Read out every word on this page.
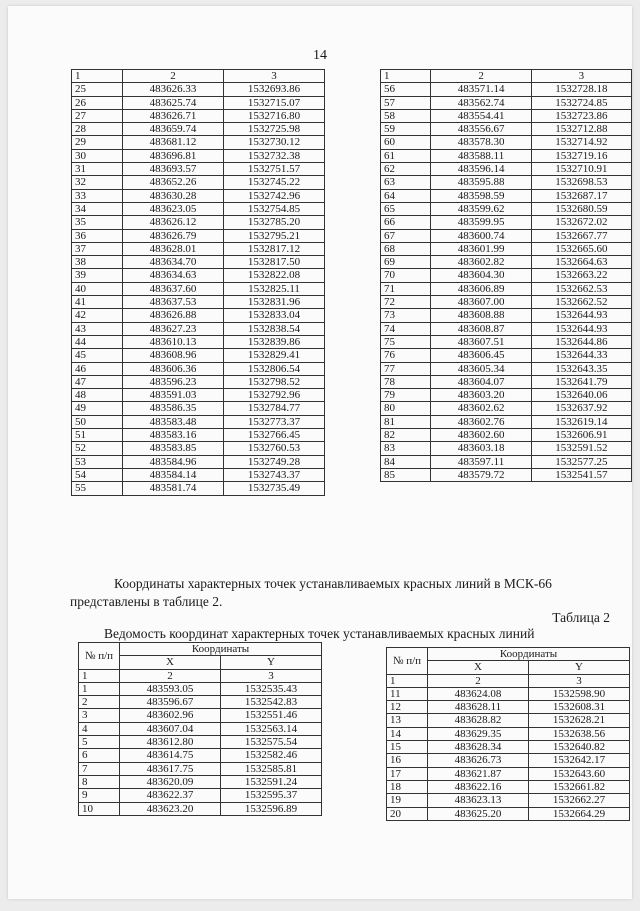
14
1	2	3
25	483626.33	1532693.86
26	483625.74	1532715.07
27	483626.71	1532716.80
28	483659.74	1532725.98
29	483681.12	1532730.12
30	483696.81	1532732.38
31	483693.57	1532751.57
32	483652.26	1532745.22
33	483630.28	1532742.96
34	483623.05	1532754.85
35	483626.12	1532785.20
36	483626.79	1532795.21
37	483628.01	1532817.12
38	483634.70	1532817.50
39	483634.63	1532822.08
40	483637.60	1532825.11
41	483637.53	1532831.96
42	483626.88	1532833.04
43	483627.23	1532838.54
44	483610.13	1532839.86
45	483608.96	1532829.41
46	483606.36	1532806.54
47	483596.23	1532798.52
48	483591.03	1532792.96
49	483586.35	1532784.77
50	483583.48	1532773.37
51	483583.16	1532766.45
52	483583.85	1532760.53
53	483584.96	1532749.28
54	483584.14	1532743.37
55	483581.74	1532735.49
1	2	3
56	483571.14	1532728.18
57	483562.74	1532724.85
58	483554.41	1532723.86
59	483556.67	1532712.88
60	483578.30	1532714.92
61	483588.11	1532719.16
62	483596.14	1532710.91
63	483595.88	1532698.53
64	483598.59	1532687.17
65	483599.62	1532680.59
66	483599.95	1532672.02
67	483600.74	1532667.77
68	483601.99	1532665.60
69	483602.82	1532664.63
70	483604.30	1532663.22
71	483606.89	1532662.53
72	483607.00	1532662.52
73	483608.88	1532644.93
74	483608.87	1532644.93
75	483607.51	1532644.86
76	483606.45	1532644.33
77	483605.34	1532643.35
78	483604.07	1532641.79
79	483603.20	1532640.06
80	483602.62	1532637.92
81	483602.76	1532619.14
82	483602.60	1532606.91
83	483603.18	1532591.52
84	483597.11	1532577.25
85	483579.72	1532541.57
Координаты характерных точек устанавливаемых красных линий в МСК-66 представлены в таблице 2.
Таблица 2
Ведомость координат характерных точек устанавливаемых красных линий
№ п/п	Координаты	
	X	Y
1	2	3
1	483593.05	1532535.43
2	483596.67	1532542.83
3	483602.96	1532551.46
4	483607.04	1532563.14
5	483612.80	1532575.54
6	483614.75	1532582.46
7	483617.75	1532585.81
8	483620.09	1532591.24
9	483622.37	1532595.37
10	483623.20	1532596.89
№ п/п	Координаты	
	X	Y
1	2	3
11	483624.08	1532598.90
12	483628.11	1532608.31
13	483628.82	1532628.21
14	483629.35	1532638.56
15	483628.34	1532640.82
16	483626.73	1532642.17
17	483621.87	1532643.60
18	483622.16	1532661.82
19	483623.13	1532662.27
20	483625.20	1532664.29
